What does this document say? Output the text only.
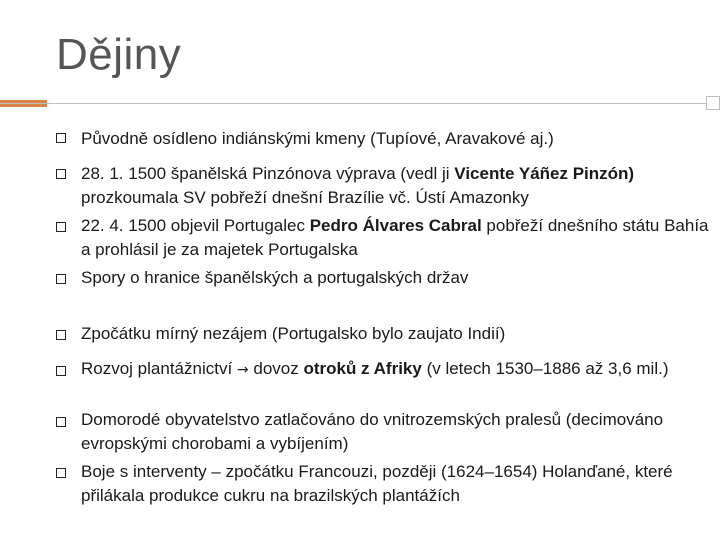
Dějiny
Původně osídleno indiánskými kmeny (Tupíové, Aravakové aj.)
28. 1. 1500 španělská Pinzónova výprava (vedl ji Vicente Yáñez Pinzón) prozkoumala SV pobřeží dnešní Brazílie vč. Ústí Amazonky
22. 4. 1500 objevil Portugalec Pedro Álvares Cabral pobřeží dnešního státu Bahía a prohlásil je za majetek Portugalska
Spory o hranice španělských a portugalských držav
Zpočátku mírný nezájem (Portugalsko bylo zaujato Indií)
Rozvoj plantážnictví → dovoz otroků z Afriky (v letech 1530–1886 až 3,6 mil.)
Domorodé obyvatelstvo zatlačováno do vnitrozemských pralesů (decimováno evropskými chorobami a vybíjením)
Boje s interventy – zpočátku Francouzi, později (1624–1654) Holanďané, které přilákala produkce cukru na brazilských plantážích
